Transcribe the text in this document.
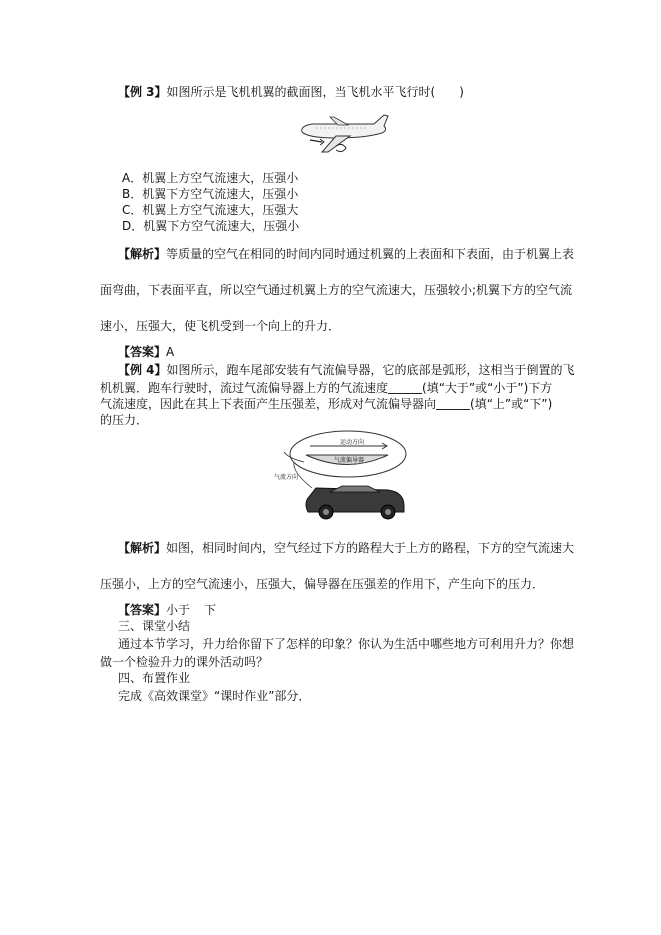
【例 3】如图所示是飞机机翼的截面图，当飞机水平飞行时(　　)
A．机翼上方空气流速大，压强小
B．机翼下方空气流速大，压强小
C．机翼上方空气流速大，压强大
D．机翼下方空气流速大，压强小
【解析】等质量的空气在相同的时间内同时通过机翼的上表面和下表面，由于机翼上表
面弯曲，下表面平直，所以空气通过机翼上方的空气流速大，压强较小;机翼下方的空气流
速小，压强大，使飞机受到一个向上的升力．
【答案】A
【例 4】如图所示，跑车尾部安装有气流偏导器，它的底部是弧形，这相当于倒置的飞
机机翼．跑车行驶时，流过气流偏导器上方的气流速度	(填“大于”或“小于”)下方
气流速度，因此在其上下表面产生压强差，形成对气流偏导器向	(填“上”或“下”)
的压力．
运动方向
气流偏导器
气流方向
【解析】如图，相同时间内，空气经过下方的路程大于上方的路程，下方的空气流速大
压强小，上方的空气流速小，压强大，偏导器在压强差的作用下，产生向下的压力．
【答案】小于 下
三、课堂小结
通过本节学习，升力给你留下了怎样的印象？你认为生活中哪些地方可利用升力？你想
做一个检验升力的课外活动吗？
四、布置作业
完成《高效课堂》“课时作业”部分．
